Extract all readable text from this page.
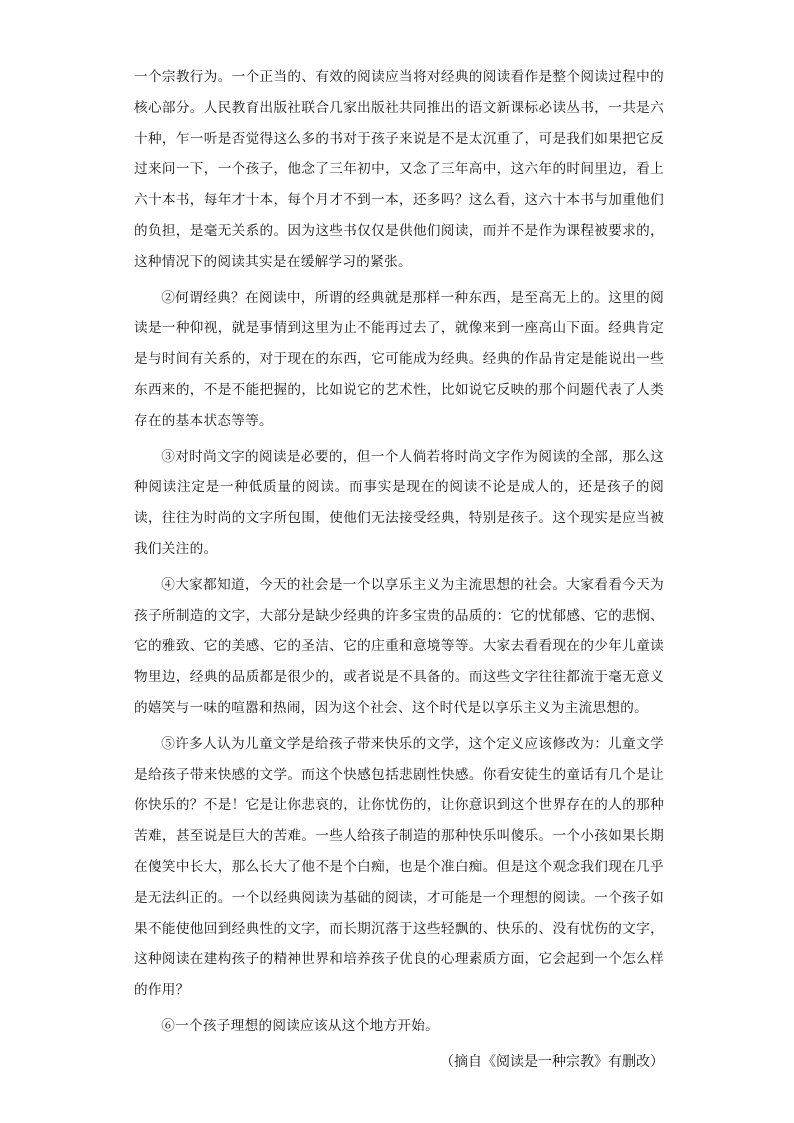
一个宗教行为。一个正当的、有效的阅读应当将对经典的阅读看作是整个阅读过程中的核心部分。人民教育出版社联合几家出版社共同推出的语文新课标必读丛书，一共是六十种，乍一听是否觉得这么多的书对于孩子来说是不是太沉重了，可是我们如果把它反过来问一下，一个孩子，他念了三年初中，又念了三年高中，这六年的时间里边，看上六十本书，每年才十本，每个月才不到一本，还多吗？这么看，这六十本书与加重他们的负担，是毫无关系的。因为这些书仅仅是供他们阅读，而并不是作为课程被要求的，这种情况下的阅读其实是在缓解学习的紧张。

②何谓经典？在阅读中，所谓的经典就是那样一种东西，是至高无上的。这里的阅读是一种仰视，就是事情到这里为止不能再过去了，就像来到一座高山下面。经典肯定是与时间有关系的，对于现在的东西，它可能成为经典。经典的作品肯定是能说出一些东西来的，不是不能把握的，比如说它的艺术性，比如说它反映的那个问题代表了人类存在的基本状态等等。

③对时尚文字的阅读是必要的，但一个人倘若将时尚文字作为阅读的全部，那么这种阅读注定是一种低质量的阅读。而事实是现在的阅读不论是成人的，还是孩子的阅读，往往为时尚的文字所包围，使他们无法接受经典，特别是孩子。这个现实是应当被我们关注的。

④大家都知道，今天的社会是一个以享乐主义为主流思想的社会。大家看看今天为孩子所制造的文字，大部分是缺少经典的许多宝贵的品质的：它的忧郁感、它的悲悯、它的雅致、它的美感、它的圣洁、它的庄重和意境等等。大家去看看现在的少年儿童读物里边，经典的品质都是很少的，或者说是不具备的。而这些文字往往都流于毫无意义的嬉笑与一味的喧嚣和热闹，因为这个社会、这个时代是以享乐主义为主流思想的。

⑤许多人认为儿童文学是给孩子带来快乐的文学，这个定义应该修改为：儿童文学是给孩子带来快感的文学。而这个快感包括悲剧性快感。你看安徒生的童话有几个是让你快乐的？不是！它是让你悲哀的，让你忧伤的，让你意识到这个世界存在的人的那种苦难，甚至说是巨大的苦难。一些人给孩子制造的那种快乐叫傻乐。一个小孩如果长期在傻笑中长大，那么长大了他不是个白痴，也是个准白痴。但是这个观念我们现在几乎是无法纠正的。一个以经典阅读为基础的阅读，才可能是一个理想的阅读。一个孩子如果不能使他回到经典性的文字，而长期沉落于这些轻飘的、快乐的、没有忧伤的文字，这种阅读在建构孩子的精神世界和培养孩子优良的心理素质方面，它会起到一个怎么样的作用？

⑥一个孩子理想的阅读应该从这个地方开始。

（摘自《阅读是一种宗教》有删改）
